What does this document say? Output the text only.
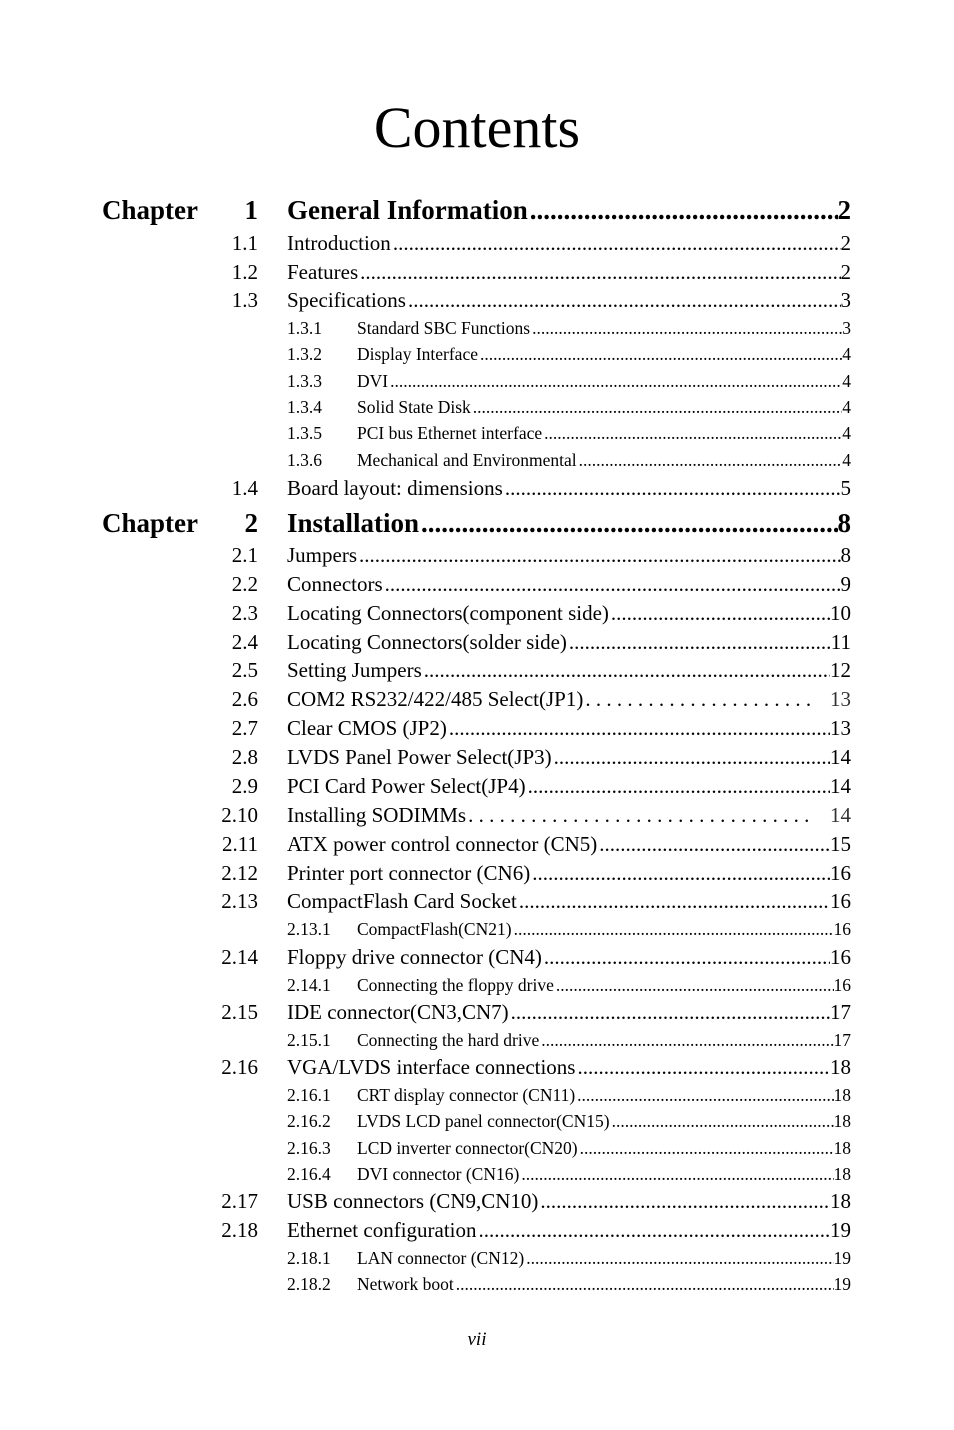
Contents
Chapter 1 General Information .....	2
1.1 Introduction .....	2
1.2 Features .....	2
1.3 Specifications .....	3
1.3.1 Standard SBC Functions .....	3
1.3.2 Display Interface .....	4
1.3.3 DVI .....	4
1.3.4 Solid State Disk .....	4
1.3.5 PCI bus Ethernet interface .....	4
1.3.6 Mechanical and Environmental .....	4
1.4 Board layout: dimensions .....	5
Chapter 2 Installation .....	8
2.1 Jumpers .....	8
2.2 Connectors .....	9
2.3 Locating Connectors(component side) .....	10
2.4 Locating Connectors(solder side) .....	11
2.5 Setting Jumpers .....	12
2.6 COM2 RS232/422/485 Select(JP1) . . .	13
2.7 Clear CMOS (JP2) .....	13
2.8 LVDS Panel Power Select(JP3) .....	14
2.9 PCI Card Power Select(JP4) .....	14
2.10 Installing SODIMMs . . .	14
2.11 ATX power control connector (CN5) .....	15
2.12 Printer port connector (CN6) .....	16
2.13 CompactFlash Card Socket .....	16
2.13.1 CompactFlash(CN21) .....	16
2.14 Floppy drive connector (CN4) .....	16
2.14.1 Connecting the floppy drive .....	16
2.15 IDE connector(CN3,CN7) .....	17
2.15.1 Connecting the hard drive .....	17
2.16 VGA/LVDS interface connections .....	18
2.16.1 CRT display connector (CN11) .....	18
2.16.2 LVDS LCD panel connector(CN15) .....	18
2.16.3 LCD inverter connector(CN20) .....	18
2.16.4 DVI connector (CN16) .....	18
2.17 USB connectors (CN9,CN10) .....	18
2.18 Ethernet configuration .....	19
2.18.1 LAN connector (CN12) .....	19
2.18.2 Network boot .....	19
vii
